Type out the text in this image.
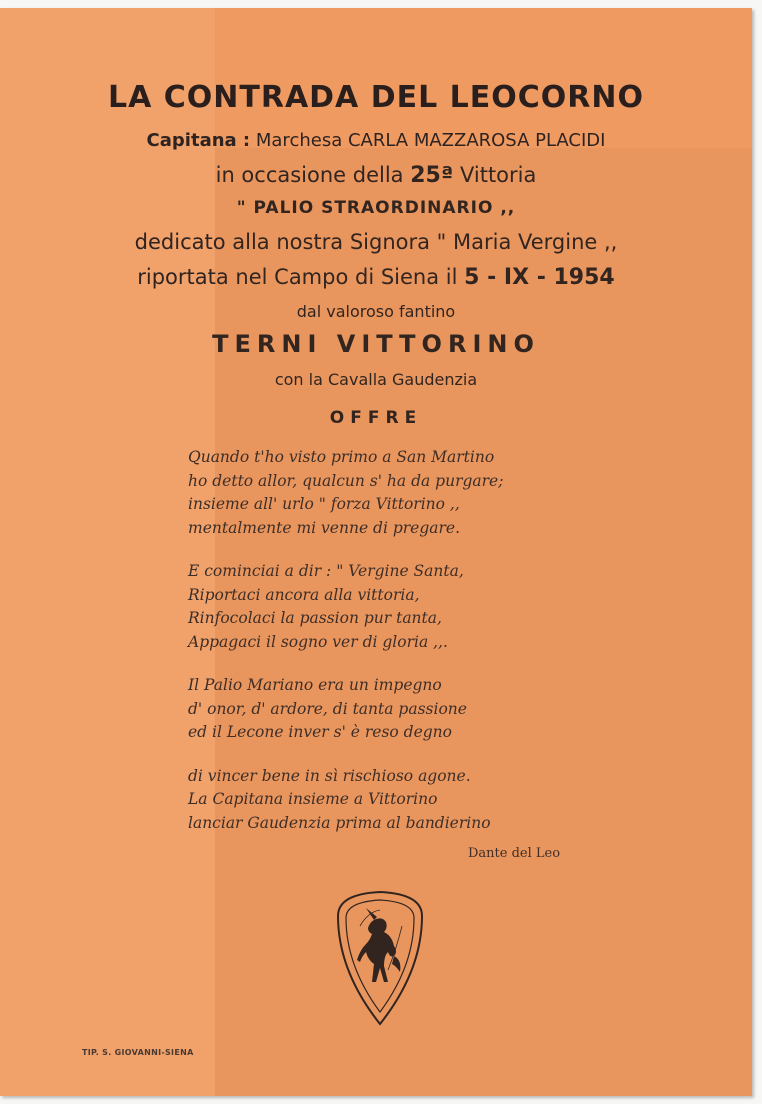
LA CONTRADA DEL LEOCORNO
Capitana : Marchesa CARLA MAZZAROSA PLACIDI
in occasione della 25ª Vittoria
" PALIO STRAORDINARIO ,,
dedicato alla nostra Signora " Maria Vergine ,,
riportata nel Campo di Siena il 5 - IX - 1954
dal valoroso fantino
TERNI VITTORINO
con la Cavalla Gaudenzia
OFFRE
Quando t'ho visto primo a San Martino
ho detto allor, qualcun s' ha da purgare;
insieme all' urlo " forza Vittorino ,,
mentalmente mi venne di pregare.
E cominciai a dir : " Vergine Santa,
Riportaci ancora alla vittoria,
Rinfocolaci la passion pur tanta,
Appagaci il sogno ver di gloria ,,.
Il Palio Mariano era un impegno
d' onor, d' ardore, di tanta passione
ed il Lecone inver s' è reso degno
di vincer bene in sì rischioso agone.
La Capitana insieme a Vittorino
lanciar Gaudenzia prima al bandierino
Dante del Leo
TIP. S. GIOVANNI-SIENA
